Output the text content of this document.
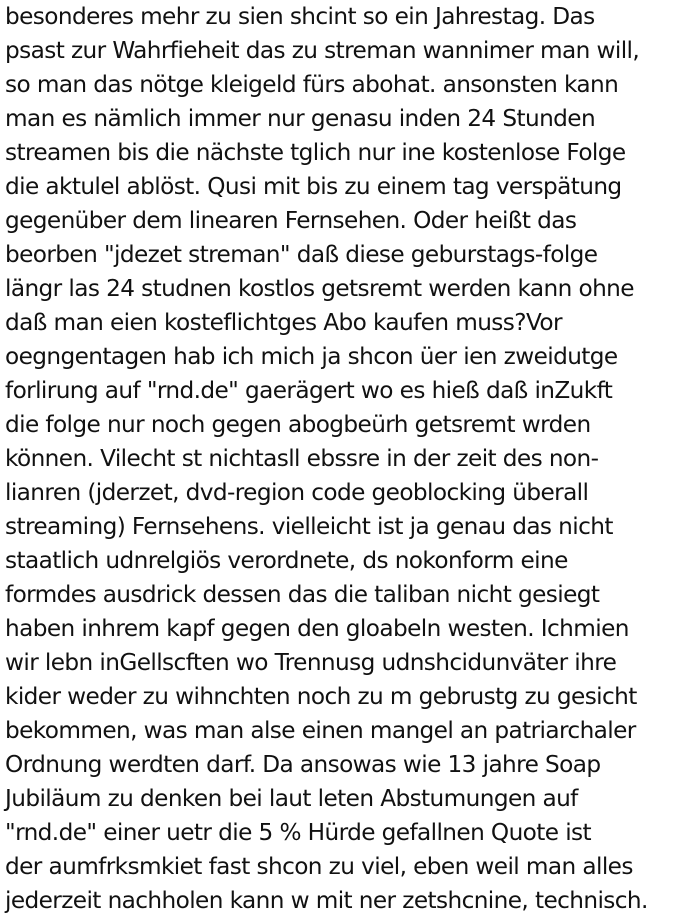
besonderes mehr zu sien shcint so ein Jahrestag. Das
psast zur Wahrfieheit das zu streman wannimer man will,
so man das nötge kleigeld fürs abohat. ansonsten kann
man es nämlich immer nur genasu inden 24 Stunden
streamen bis die nächste tglich nur ine kostenlose Folge
die aktulel ablöst. Qusi mit bis zu einem tag verspätung
gegenüber dem linearen Fernsehen. Oder heißt das
beorben "jdezet streman" daß diese geburstags-folge
längr las 24 studnen kostlos getsremt werden kann ohne
daß man eien kosteflichtges Abo kaufen muss?Vor
oegngentagen hab ich mich ja shcon üer ien zweidutge
forlirung auf "rnd.de" gaerägert wo es hieß daß inZukft
die folge nur noch gegen abogbeürh getsremt wrden
können. Vilecht st nichtasll ebssre in der zeit des non-
lianren (jderzet, dvd-region code geoblocking überall
streaming) Fernsehens. vielleicht ist ja genau das nicht
staatlich udnrelgiös verordnete, ds nokonform eine
formdes ausdrick dessen das die taliban nicht gesiegt
haben inhrem kapf gegen den gloabeln westen. Ichmien
wir lebn inGellscften wo Trennusg udnshcidunväter ihre
kider weder zu wihnchten noch zu m gebrustg zu gesicht
bekommen, was man alse einen mangel an patriarchaler
Ordnung werdten darf. Da ansowas wie 13 jahre Soap
Jubiläum zu denken bei laut leten Abstumungen auf
"rnd.de" einer uetr die 5 % Hürde gefallnen Quote ist
der aumfrksmkiet fast shcon zu viel, eben weil man alles
jederzeit nachholen kann w mit ner zetshcnine, technisch.
